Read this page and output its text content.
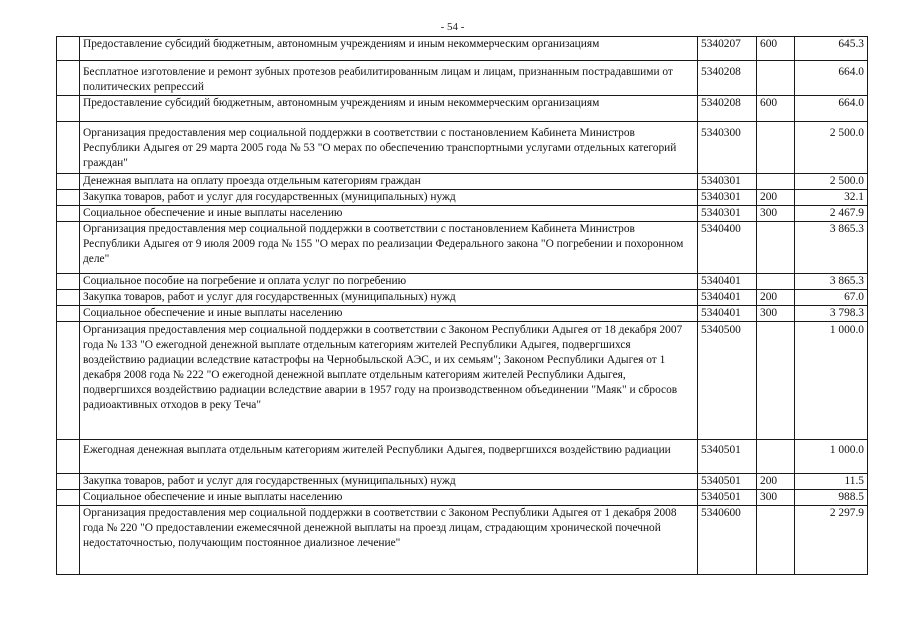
- 54 -
	Предоставление субсидий бюджетным, автономным учреждениям и иным некоммерческим организациям	5340207	600	645.3
	Бесплатное изготовление и ремонт зубных протезов реабилитированным лицам и лицам, признанным пострадавшими от политических репрессий	5340208		664.0
	Предоставление субсидий бюджетным, автономным учреждениям и иным некоммерческим организациям	5340208	600	664.0
	Организация предоставления мер социальной поддержки в соответствии с постановлением Кабинета Министров Республики Адыгея от 29 марта 2005 года № 53 "О мерах по обеспечению транспортными услугами отдельных категорий граждан"	5340300		2 500.0
	Денежная выплата на оплату проезда отдельным категориям граждан	5340301		2 500.0
	Закупка товаров, работ и услуг для государственных (муниципальных) нужд	5340301	200	32.1
	Социальное обеспечение и иные выплаты населению	5340301	300	2 467.9
	Организация предоставления мер социальной поддержки в соответствии с постановлением Кабинета Министров Республики Адыгея от 9 июля 2009 года № 155 "О мерах по реализации Федерального закона "О погребении и похоронном деле"	5340400		3 865.3
	Социальное пособие на погребение и оплата услуг по погребению	5340401		3 865.3
	Закупка товаров, работ и услуг для государственных (муниципальных) нужд	5340401	200	67.0
	Социальное обеспечение и иные выплаты населению	5340401	300	3 798.3
	Организация предоставления мер социальной поддержки в соответствии с Законом Республики Адыгея от 18 декабря 2007 года № 133 "О ежегодной денежной выплате отдельным категориям жителей Республики Адыгея, подвергшихся воздействию радиации вследствие катастрофы на Чернобыльской АЭС, и их семьям"; Законом Республики Адыгея от 1 декабря 2008 года № 222 "О ежегодной денежной выплате отдельным категориям жителей Республики Адыгея, подвергшихся воздействию радиации вследствие аварии в 1957 году на производственном объединении "Маяк" и сбросов радиоактивных отходов в реку Теча"	5340500		1 000.0
	Ежегодная денежная выплата отдельным категориям жителей Республики Адыгея, подвергшихся воздействию радиации	5340501		1 000.0
	Закупка товаров, работ и услуг для государственных (муниципальных) нужд	5340501	200	11.5
	Социальное обеспечение и иные выплаты населению	5340501	300	988.5
	Организация предоставления мер социальной поддержки в соответствии с Законом Республики Адыгея от 1 декабря 2008 года № 220 "О предоставлении ежемесячной денежной выплаты на проезд лицам, страдающим хронической почечной недостаточностью, получающим постоянное диализное лечение"	5340600		2 297.9
